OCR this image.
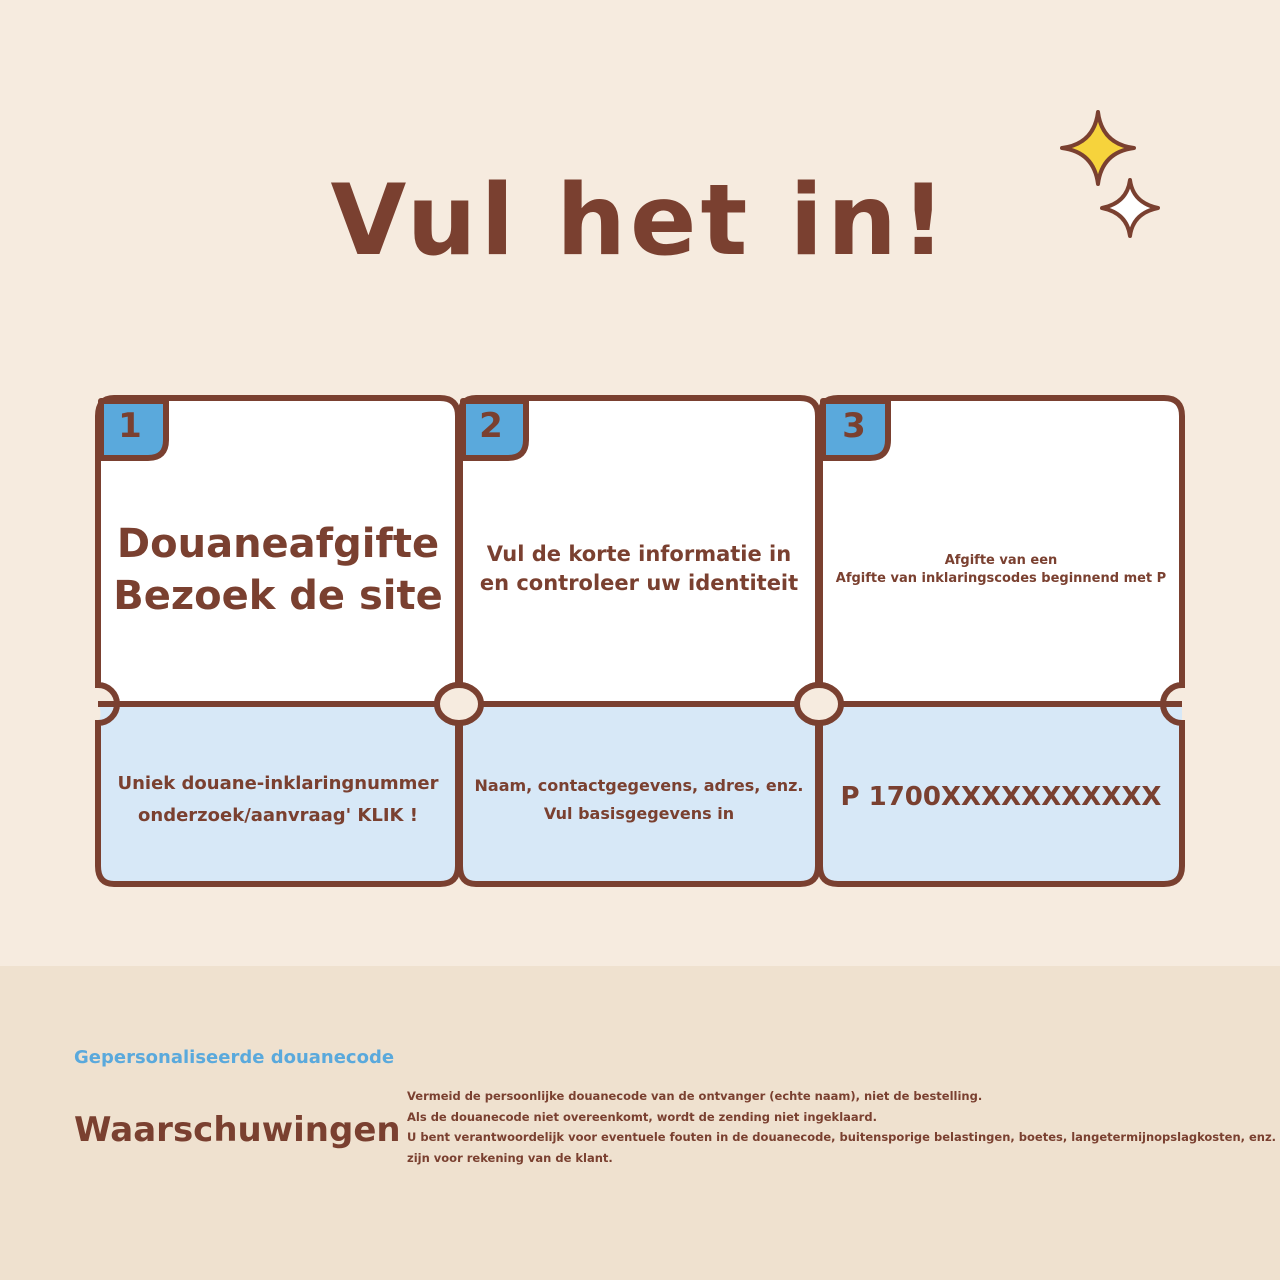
Vul het in!
1	2	3
Douaneafgifte
Bezoek de site
Uniek douane-inklaringnummer
onderzoek/aanvraag' KLIK !
Vul de korte informatie in
en controleer uw identiteit
Naam, contactgegevens, adres, enz.
Vul basisgegevens in
Afgifte van een
Afgifte van inklaringscodes beginnend met P
P 1700XXXXXXXXXXX
Gepersonaliseerde douanecode
Waarschuwingen
Vermeid de persoonlijke douanecode van de ontvanger (echte naam), niet de bestelling.
Als de douanecode niet overeenkomt, wordt de zending niet ingeklaard.
U bent verantwoordelijk voor eventuele fouten in de douanecode, buitensporige belastingen, boetes, langetermijnopslagkosten, enz.
zijn voor rekening van de klant.
